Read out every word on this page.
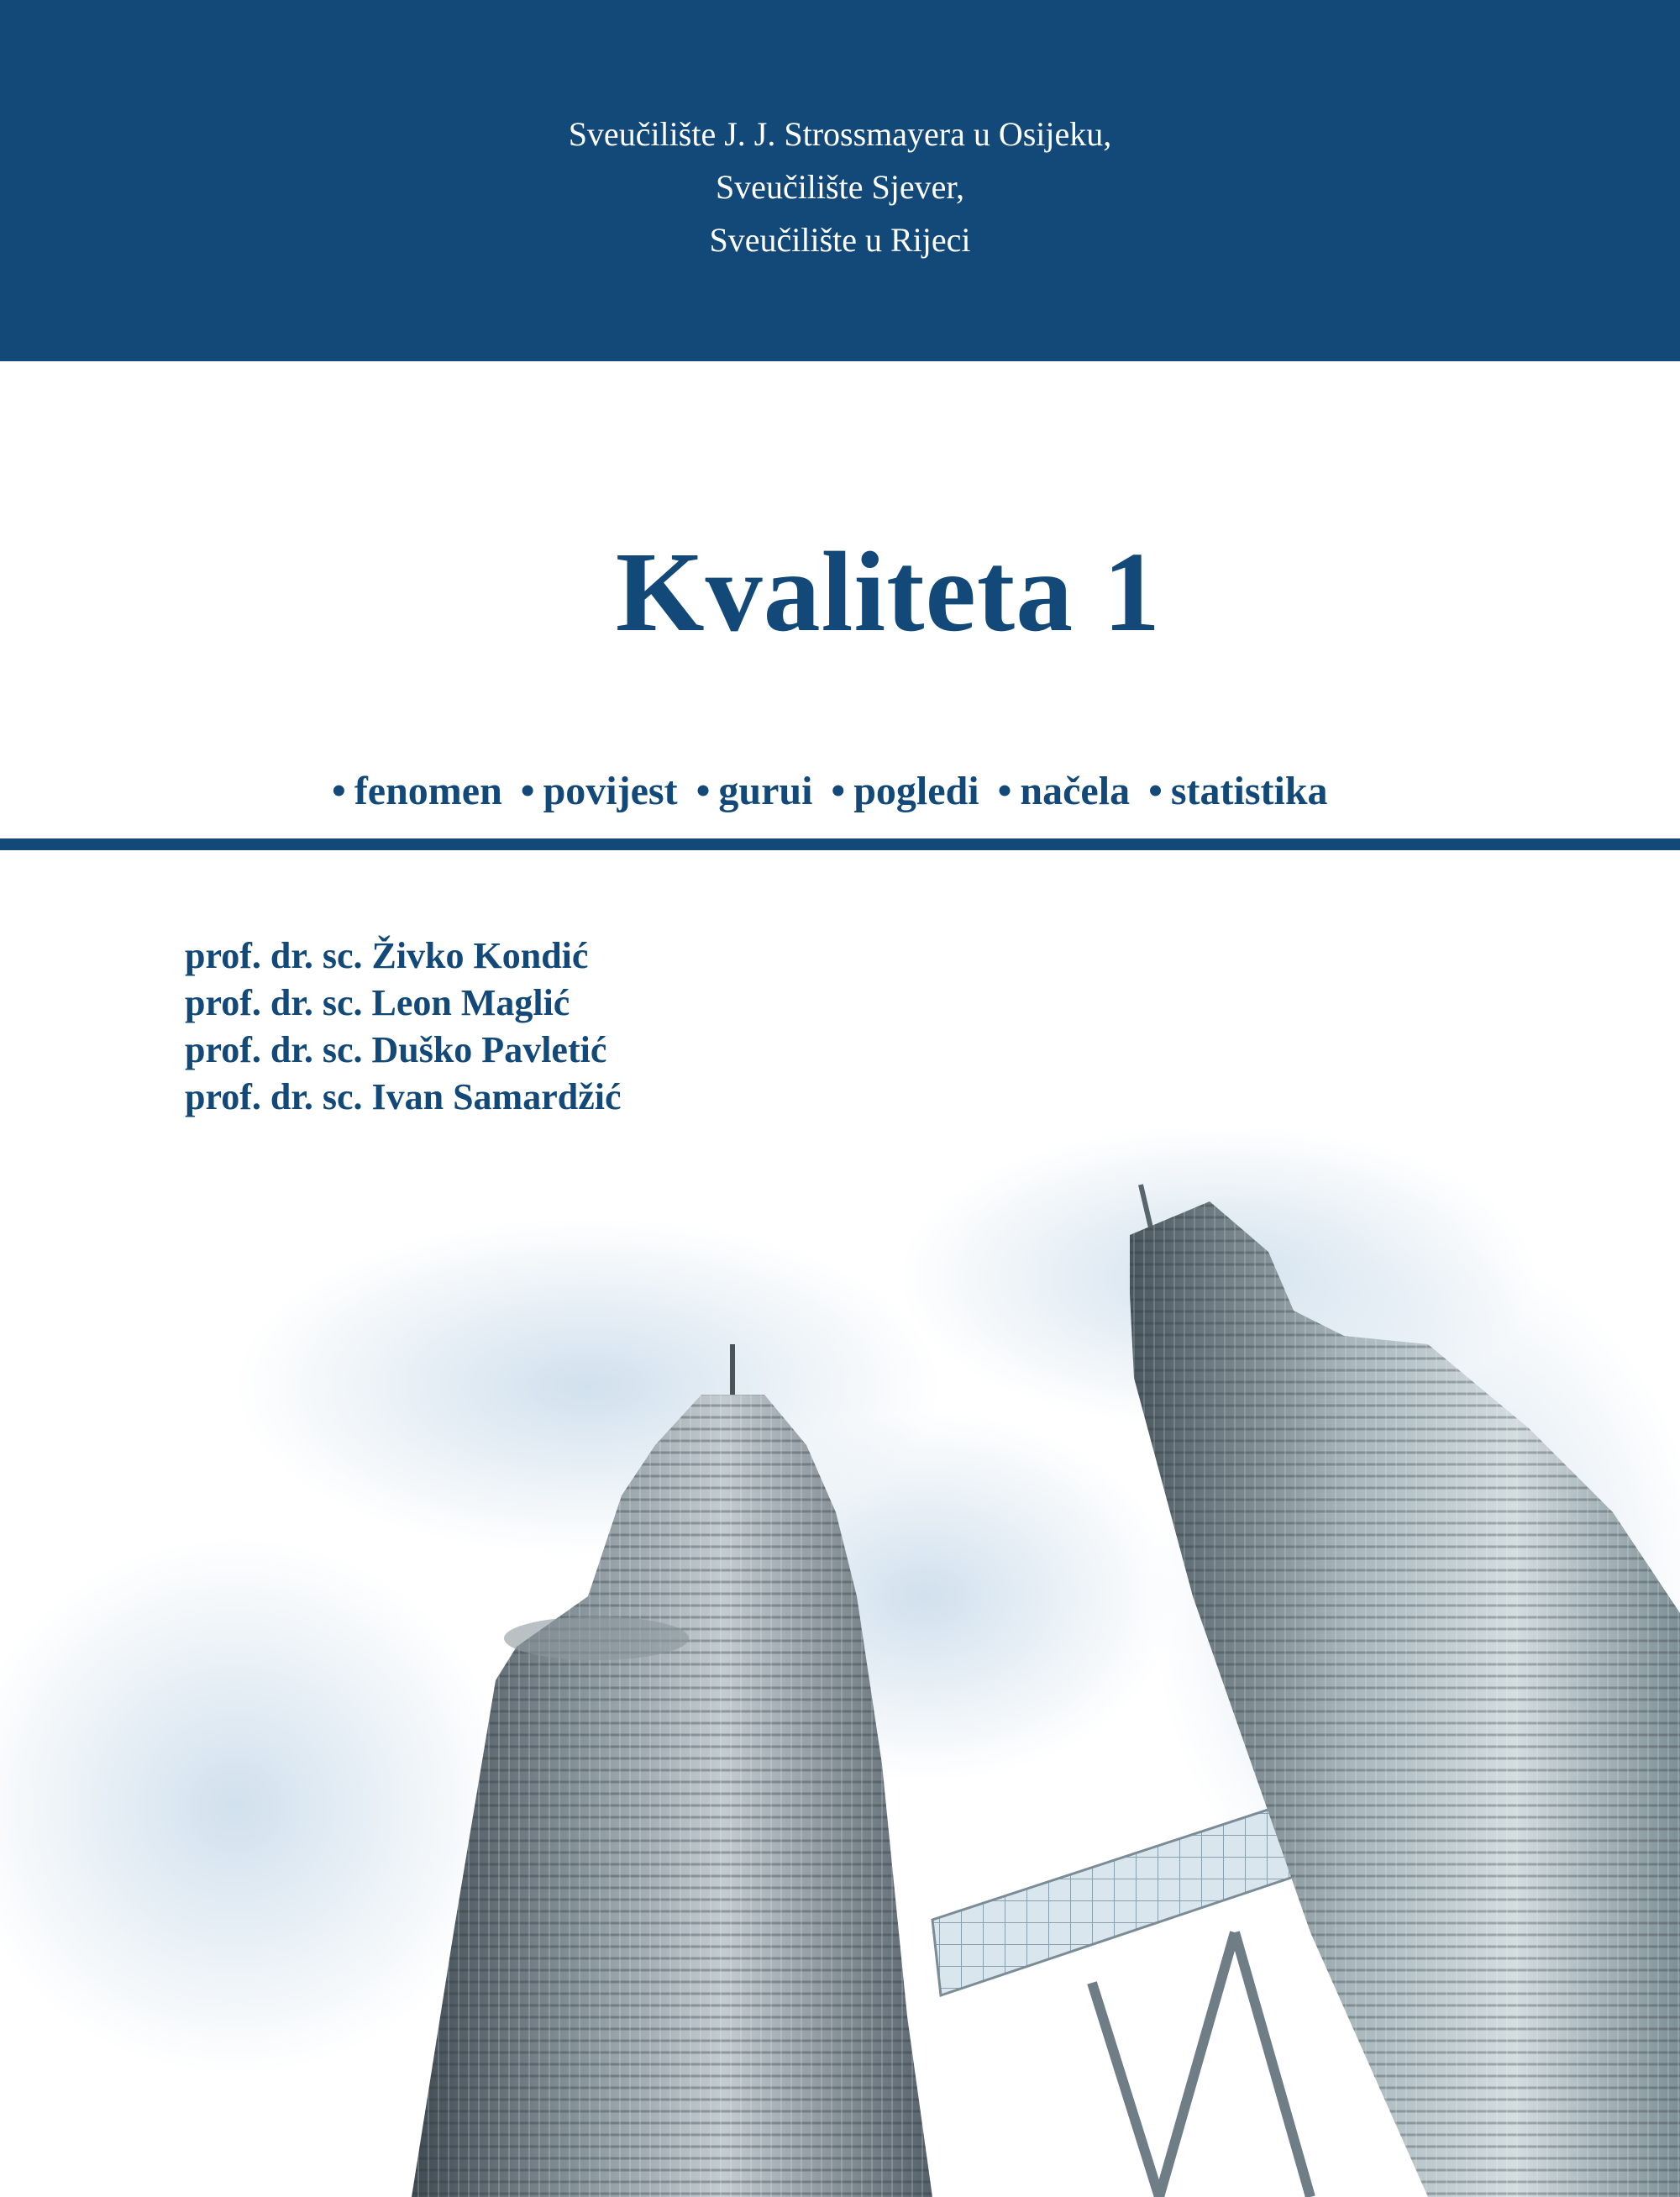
Sveučilište J. J. Strossmayera u Osijeku,
Sveučilište Sjever,
Sveučilište u Rijeci
Kvaliteta 1
• fenomen • povijest • gurui • pogledi • načela • statistika
prof. dr. sc. Živko Kondić
prof. dr. sc. Leon Maglić
prof. dr. sc. Duško Pavletić
prof. dr. sc. Ivan Samardžić
